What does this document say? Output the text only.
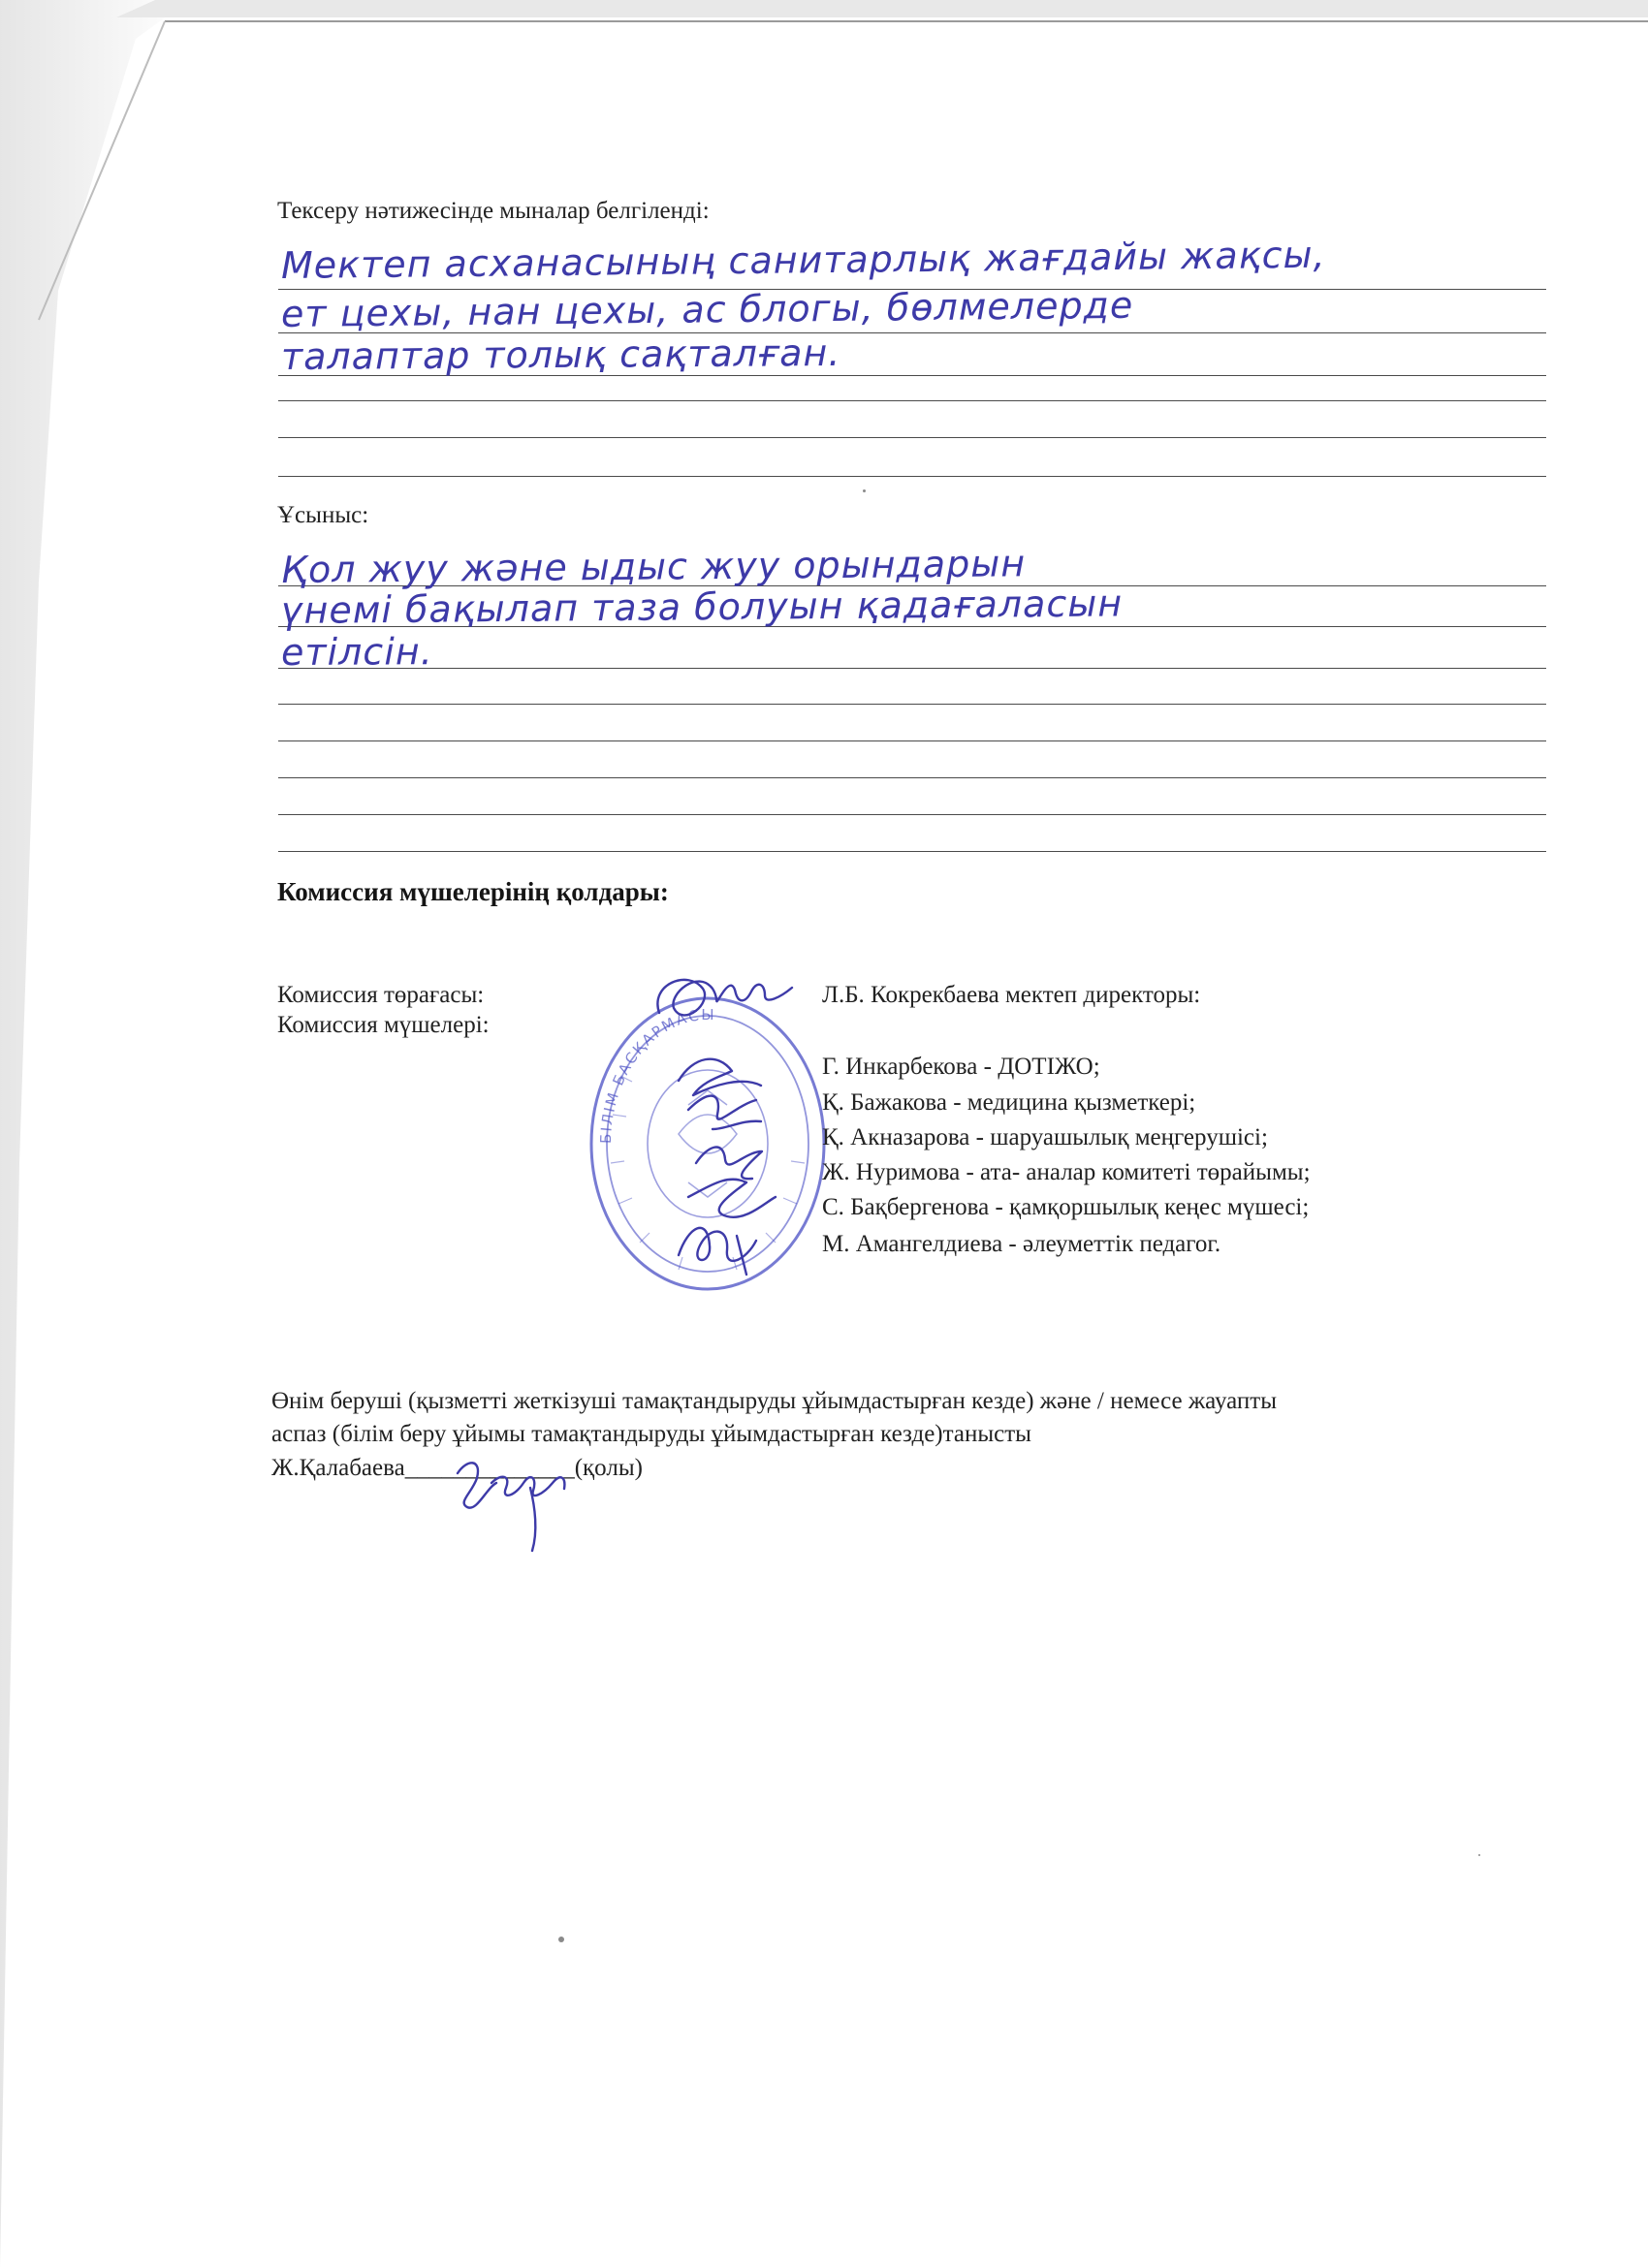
Тексеру нәтижесінде мыналар белгіленді:
Мектеп асханасының санитарлық жағдайы жақсы,
ет цехы, нан цехы, ас блогы, бөлмелерде
талаптар толық сақталған.
Ұсыныс:
Қол жуу және ыдыс жуу орындарын
үнемі бақылап таза болуын қадағаласын
етілсін.
Комиссия мүшелерінің қолдары:
Комиссия төрағасы:
Комиссия мүшелері:
БІЛІМ БАСҚАРМАСЫ
Л.Б. Кокрекбаева мектеп директоры:
Г. Инкарбекова - ДОТІЖО;
Қ. Бажакова - медицина қызметкері;
Қ. Акназарова - шаруашылық меңгерушісі;
Ж. Нуримова - ата- аналар комитеті төрайымы;
С. Бақбергенова - қамқоршылық кеңес мүшесі;
М. Амангелдиева - әлеуметтік педагог.
Өнім беруші (қызметті жеткізуші тамақтандыруды ұйымдастырған кезде) және / немесе жауапты
аспаз (білім беру ұйымы тамақтандыруды ұйымдастырған кезде)танысты
Ж.Қалабаева______________(қолы)
